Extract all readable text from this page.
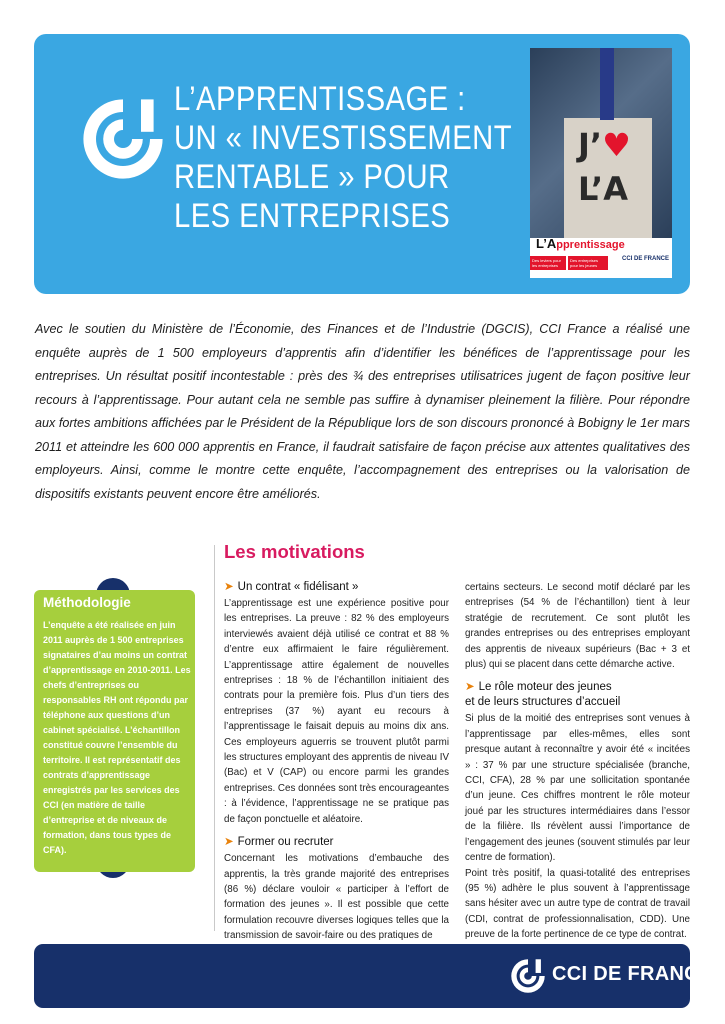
L’APPRENTISSAGE :
UN « INVESTISSEMENT
RENTABLE » POUR
LES ENTREPRISES
J’♥
L’A
L’Apprentissage
Des leviers pour les entreprises
Des entreprises pour les jeunes
CCI DE FRANCE
Avec le soutien du Ministère de l’Économie, des Finances et de l’Industrie (DGCIS), CCI France a réalisé une enquête auprès de 1 500 employeurs d’apprentis afin d’identifier les bénéfices de l’apprentissage pour les entreprises. Un résultat positif incontestable : près des ¾ des entreprises utilisatrices jugent de façon positive leur recours à l’apprentissage. Pour autant cela ne semble pas suffire à dynamiser pleinement la filière. Pour répondre aux fortes ambitions affichées par le Président de la République lors de son discours prononcé à Bobigny le 1er mars 2011 et atteindre les 600 000 apprentis en France, il faudrait satisfaire de façon précise aux attentes qualitatives des employeurs. Ainsi, comme le montre cette enquête, l’accompagnement des entreprises ou la valorisation de dispositifs existants peuvent encore être améliorés.
Méthodologie

L’enquête a été réalisée en juin 2011 auprès de 1 500 entreprises signataires d’au moins un contrat d’apprentissage en 2010-2011. Les chefs d’entreprises ou responsables RH ont répondu par téléphone aux questions d’un cabinet spécialisé. L’échantillon constitué couvre l’ensemble du territoire. Il est représentatif des contrats d’apprentissage enregistrés par les services des CCI (en matière de taille d’entreprise et de niveaux de formation, dans tous types de CFA).

Les motivations
➤ Un contrat « fidélisant »

L’apprentissage est une expérience positive pour les entreprises. La preuve : 82 % des employeurs interviewés avaient déjà utilisé ce contrat et 88 % d’entre eux affirmaient le faire régulièrement. L’apprentissage attire également de nouvelles entreprises : 18 % de l’échantillon initiaient des contrats pour la première fois. Plus d’un tiers des entreprises (37 %) ayant eu recours à l’apprentissage le faisait depuis au moins dix ans. Ces employeurs aguerris se trouvent plutôt parmi les structures employant des apprentis de niveau IV (Bac) et V (CAP) ou encore parmi les grandes entreprises. Ces données sont très encourageantes : à l’évidence, l’apprentissage ne se pratique pas de façon ponctuelle et aléatoire.

➤ Former ou recruter

Concernant les motivations d’embauche des apprentis, la très grande majorité des entreprises (86 %) déclare vouloir « participer à l’effort de formation des jeunes ». Il est possible que cette formulation recouvre diverses logiques telles que la transmission de savoir-faire ou des pratiques de

certains secteurs. Le second motif déclaré par les entreprises (54 % de l’échantillon) tient à leur stratégie de recrutement. Ce sont plutôt les grandes entreprises ou des entreprises employant des apprentis de niveaux supérieurs (Bac + 3 et plus) qui se placent dans cette démarche active.

➤ Le rôle moteur des jeunes
et de leurs structures d’accueil

Si plus de la moitié des entreprises sont venues à l’apprentissage par elles-mêmes, elles sont presque autant à reconnaître y avoir été « incitées » : 37 % par une structure spécialisée (branche, CCI, CFA), 28 % par une sollicitation spontanée d’un jeune. Ces chiffres montrent le rôle moteur joué par les structures intermédiaires dans l’essor de la filière. Ils révèlent aussi l’importance de l’engagement des jeunes (souvent stimulés par leur centre de formation).

Point très positif, la quasi-totalité des entreprises (95 %) adhère le plus souvent à l’apprentissage sans hésiter avec un autre type de contrat de travail (CDI, contrat de professionnalisation, CDD). Une preuve de la forte pertinence de ce type de contrat.

CCI DE FRANCE
